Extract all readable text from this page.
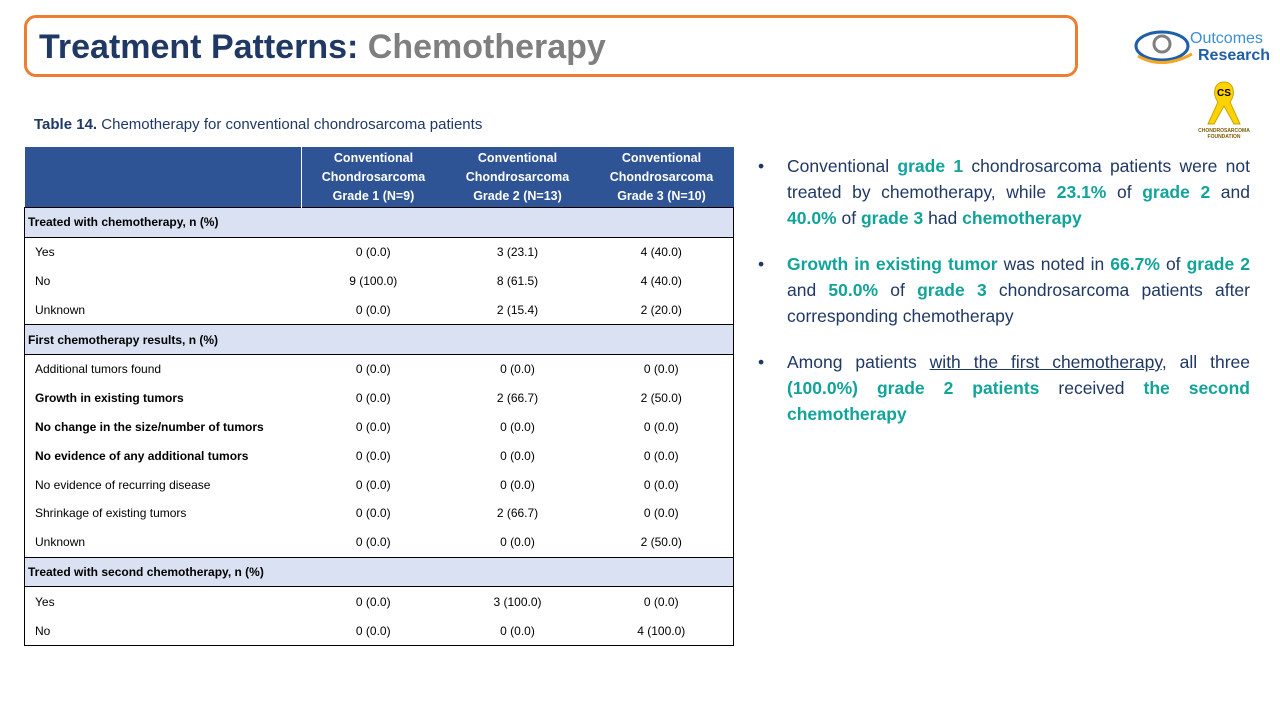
Treatment Patterns: Chemotherapy	Outcomes
Research
CS
CHONDROSARCOMA
FOUNDATION
Table 14. Chemotherapy for conventional chondrosarcoma patients
	Conventional Chondrosarcoma Grade 1 (N=9)	Conventional Chondrosarcoma Grade 2 (N=13)	Conventional Chondrosarcoma Grade 3 (N=10)
Treated with chemotherapy, n (%)			
Yes	0 (0.0)	3 (23.1)	4 (40.0)
No	9 (100.0)	8 (61.5)	4 (40.0)
Unknown	0 (0.0)	2 (15.4)	2 (20.0)
First chemotherapy results, n (%)			
Additional tumors found	0 (0.0)	0 (0.0)	0 (0.0)
Growth in existing tumors	0 (0.0)	2 (66.7)	2 (50.0)
No change in the size/number of tumors	0 (0.0)	0 (0.0)	0 (0.0)
No evidence of any additional tumors	0 (0.0)	0 (0.0)	0 (0.0)
No evidence of recurring disease	0 (0.0)	0 (0.0)	0 (0.0)
Shrinkage of existing tumors	0 (0.0)	2 (66.7)	0 (0.0)
Unknown	0 (0.0)	0 (0.0)	2 (50.0)
Treated with second chemotherapy, n (%)			
Yes	0 (0.0)	3 (100.0)	0 (0.0)
No	0 (0.0)	0 (0.0)	4 (100.0)
• Conventional grade 1 chondrosarcoma patients were not treated by chemotherapy, while 23.1% of grade 2 and 40.0% of grade 3 had chemotherapy
• Growth in existing tumor was noted in 66.7% of grade 2 and 50.0% of grade 3 chondrosarcoma patients after corresponding chemotherapy
• Among patients with the first chemotherapy, all three (100.0%) grade 2 patients received the second chemotherapy
